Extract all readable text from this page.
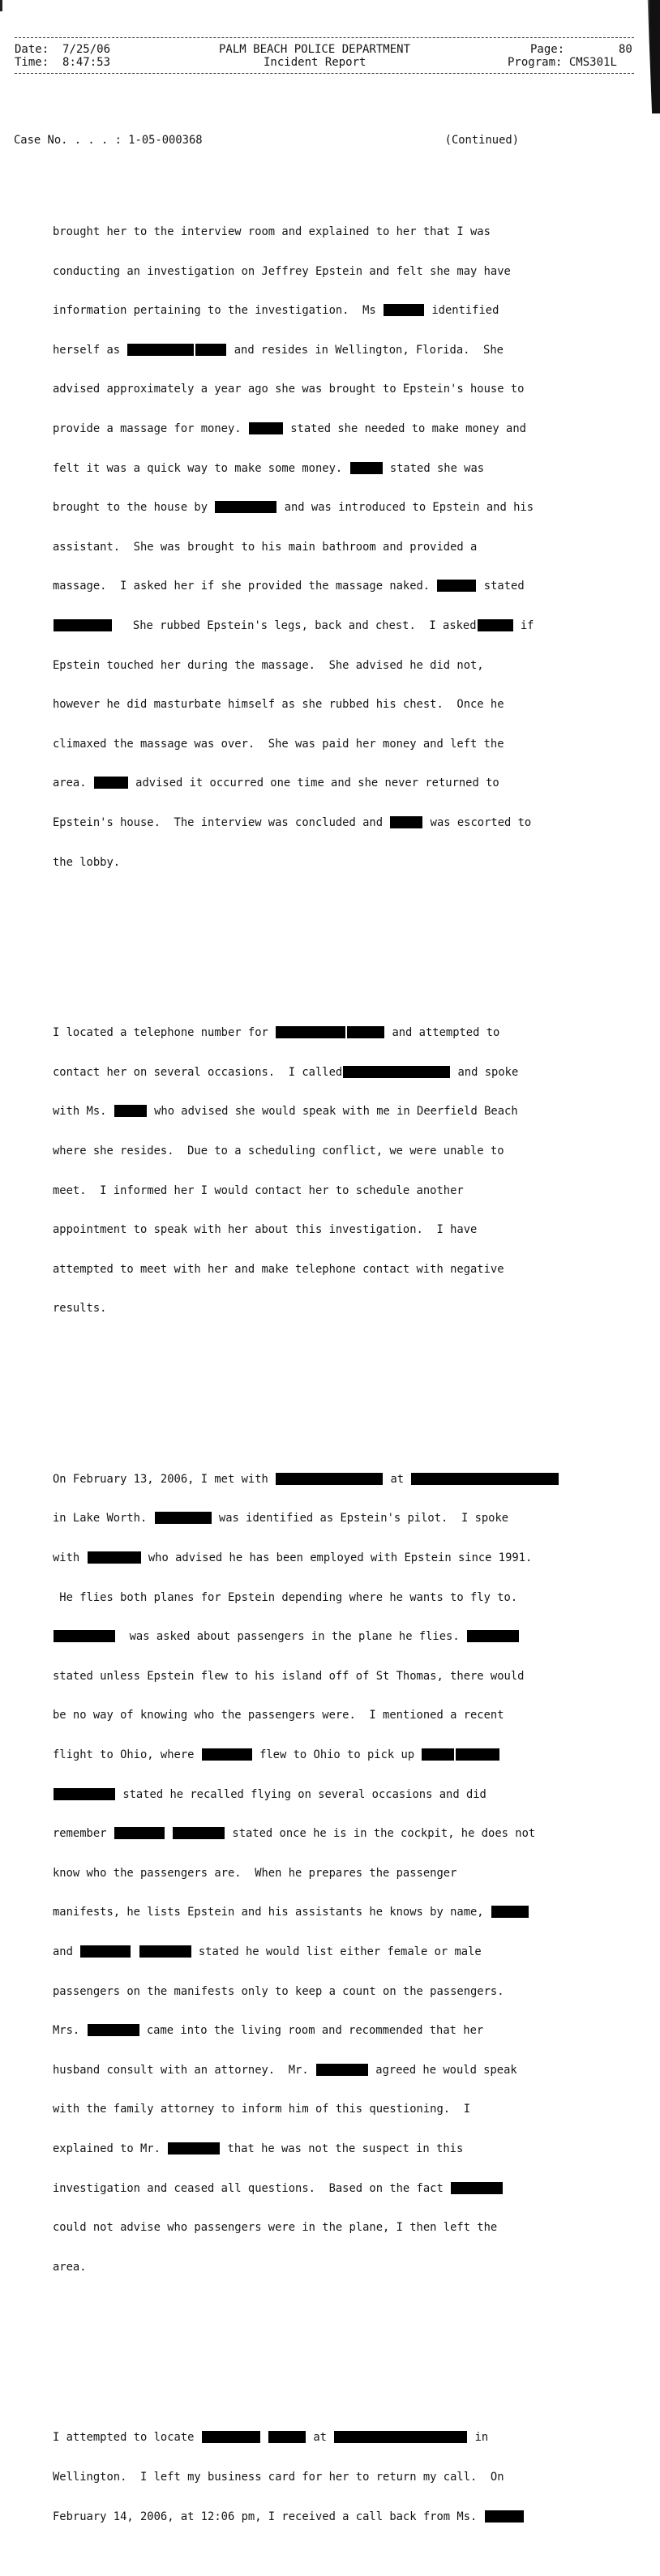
Date: 7/25/06
Time: 8:47:53
PALM BEACH POLICE DEPARTMENT
Incident Report
Page:	80
Program: CMS301L

Case No. . . . : 1-05-000368	(Continued)

brought her to the interview room and explained to her that I was

conducting an investigation on Jeffrey Epstein and felt she may have

information pertaining to the investigation.  Ms	identified

herself as	and resides in Wellington, Florida.  She

advised approximately a year ago she was brought to Epstein's house to

provide a massage for money.	stated she needed to make money and

felt it was a quick way to make some money.	stated she was

brought to the house by	and was introduced to Epstein and his

assistant.  She was brought to his main bathroom and provided a

massage.  I asked her if she provided the massage naked.	stated

She rubbed Epstein's legs, back and chest.  I asked	if

Epstein touched her during the massage.  She advised he did not,

however he did masturbate himself as she rubbed his chest.  Once he

climaxed the massage was over.  She was paid her money and left the

area.	advised it occurred one time and she never returned to

Epstein's house.  The interview was concluded and	was escorted to

the lobby.

I located a telephone number for	and attempted to

contact her on several occasions.  I called	and spoke

with Ms.	who advised she would speak with me in Deerfield Beach

where she resides.  Due to a scheduling conflict, we were unable to

meet.  I informed her I would contact her to schedule another

appointment to speak with her about this investigation.  I have

attempted to meet with her and make telephone contact with negative

results.

On February 13, 2006, I met with	at

in Lake Worth.	was identified as Epstein's pilot.  I spoke

with	who advised he has been employed with Epstein since 1991.

He flies both planes for Epstein depending where he wants to fly to.

was asked about passengers in the plane he flies.

stated unless Epstein flew to his island off of St Thomas, there would

be no way of knowing who the passengers were.  I mentioned a recent

flight to Ohio, where	flew to Ohio to pick up

stated he recalled flying on several occasions and did

remember	stated once he is in the cockpit, he does not

know who the passengers are.  When he prepares the passenger

manifests, he lists Epstein and his assistants he knows by name,

and	stated he would list either female or male

passengers on the manifests only to keep a count on the passengers.

Mrs.	came into the living room and recommended that her

husband consult with an attorney.  Mr.	agreed he would speak

with the family attorney to inform him of this questioning.  I

explained to Mr.	that he was not the suspect in this

investigation and ceased all questions.  Based on the fact

could not advise who passengers were in the plane, I then left the

area.

I attempted to locate	at	in

Wellington.  I left my business card for her to return my call.  On

February 14, 2006, at 12:06 pm, I received a call back from Ms.
